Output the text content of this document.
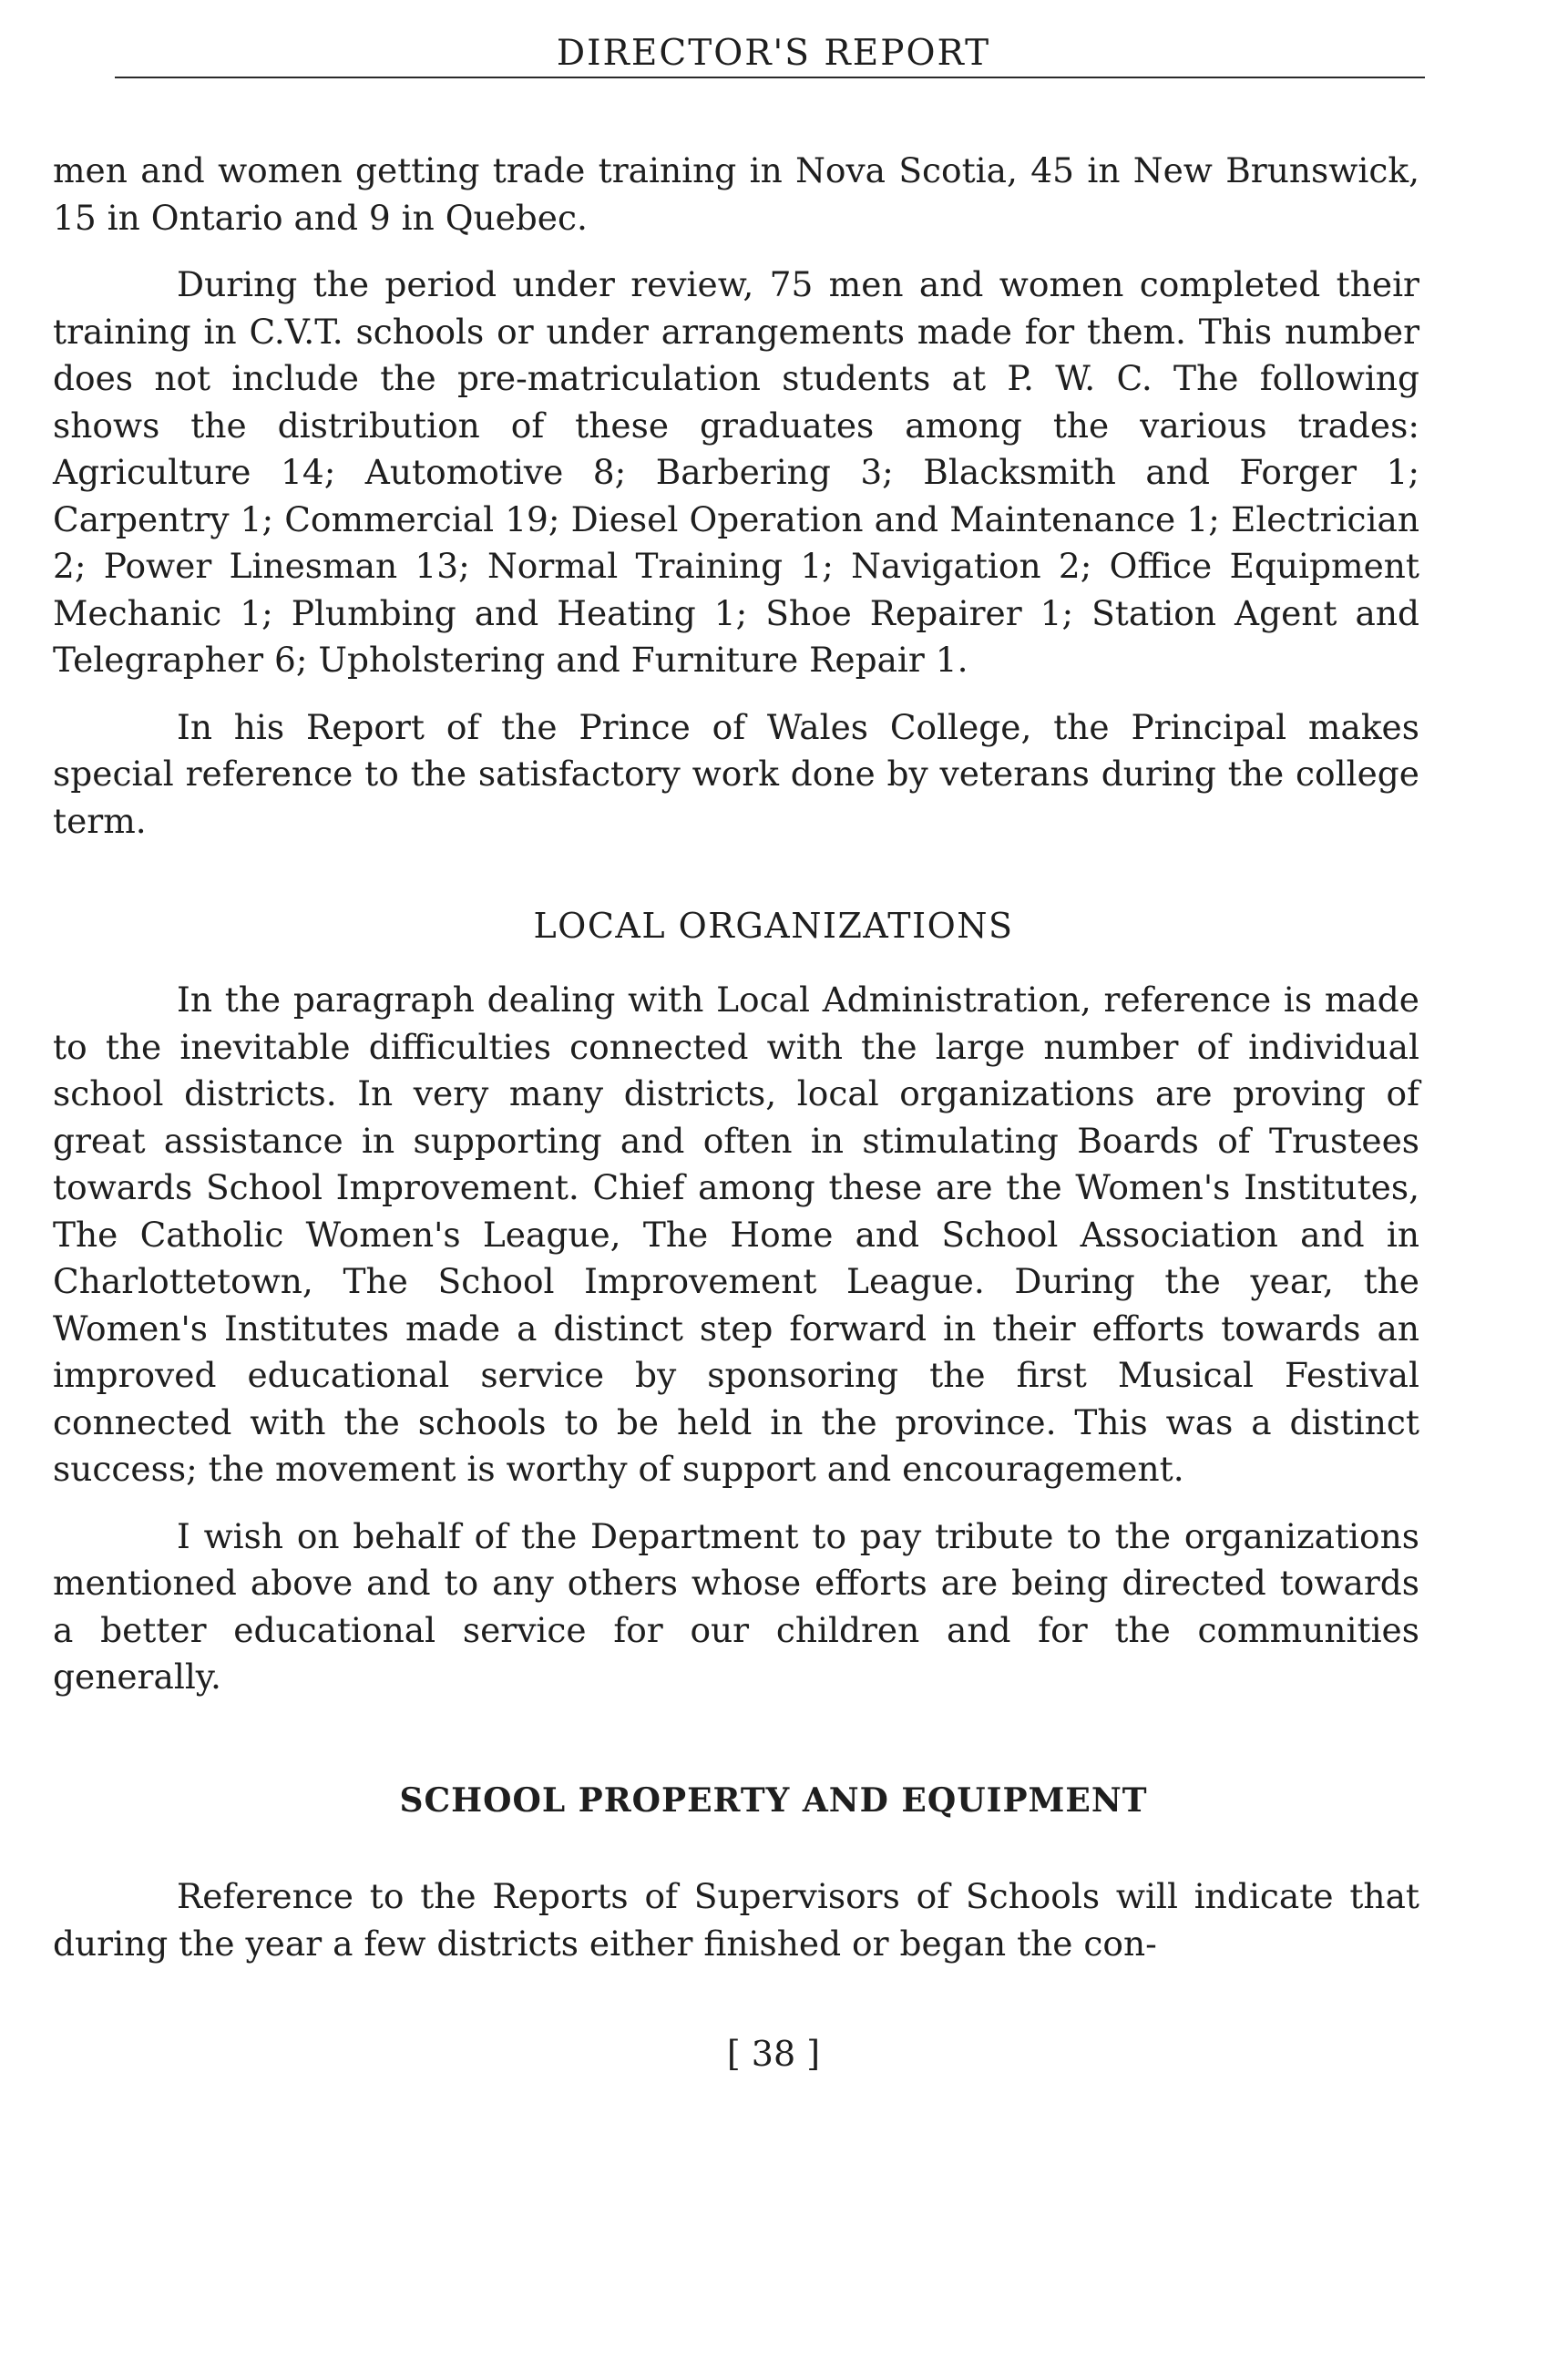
DIRECTOR'S REPORT

men and women getting trade training in Nova Scotia, 45 in New Brunswick, 15 in Ontario and 9 in Quebec.

During the period under review, 75 men and women completed their training in C.V.T. schools or under arrangements made for them. This number does not include the pre-matriculation students at P. W. C. The following shows the distribution of these graduates among the various trades: Agriculture 14; Automotive 8; Barbering 3; Blacksmith and Forger 1; Carpentry 1; Commercial 19; Diesel Operation and Maintenance 1; Electrician 2; Power Linesman 13; Normal Training 1; Navigation 2; Office Equipment Mechanic 1; Plumbing and Heating 1; Shoe Repairer 1; Station Agent and Telegrapher 6; Upholstering and Furniture Repair 1.

In his Report of the Prince of Wales College, the Principal makes special reference to the satisfactory work done by veterans during the college term.

LOCAL ORGANIZATIONS

In the paragraph dealing with Local Administration, reference is made to the inevitable difficulties connected with the large number of individual school districts. In very many districts, local organizations are proving of great assistance in supporting and often in stimulating Boards of Trustees towards School Improvement. Chief among these are the Women's Institutes, The Catholic Women's League, The Home and School Association and in Charlottetown, The School Improvement League. During the year, the Women's Institutes made a distinct step forward in their efforts towards an improved educational service by sponsoring the first Musical Festival connected with the schools to be held in the province. This was a distinct success; the movement is worthy of support and encouragement.

I wish on behalf of the Department to pay tribute to the organizations mentioned above and to any others whose efforts are being directed towards a better educational service for our children and for the communities generally.

SCHOOL PROPERTY AND EQUIPMENT

Reference to the Reports of Supervisors of Schools will indicate that during the year a few districts either finished or began the con-

[ 38 ]
